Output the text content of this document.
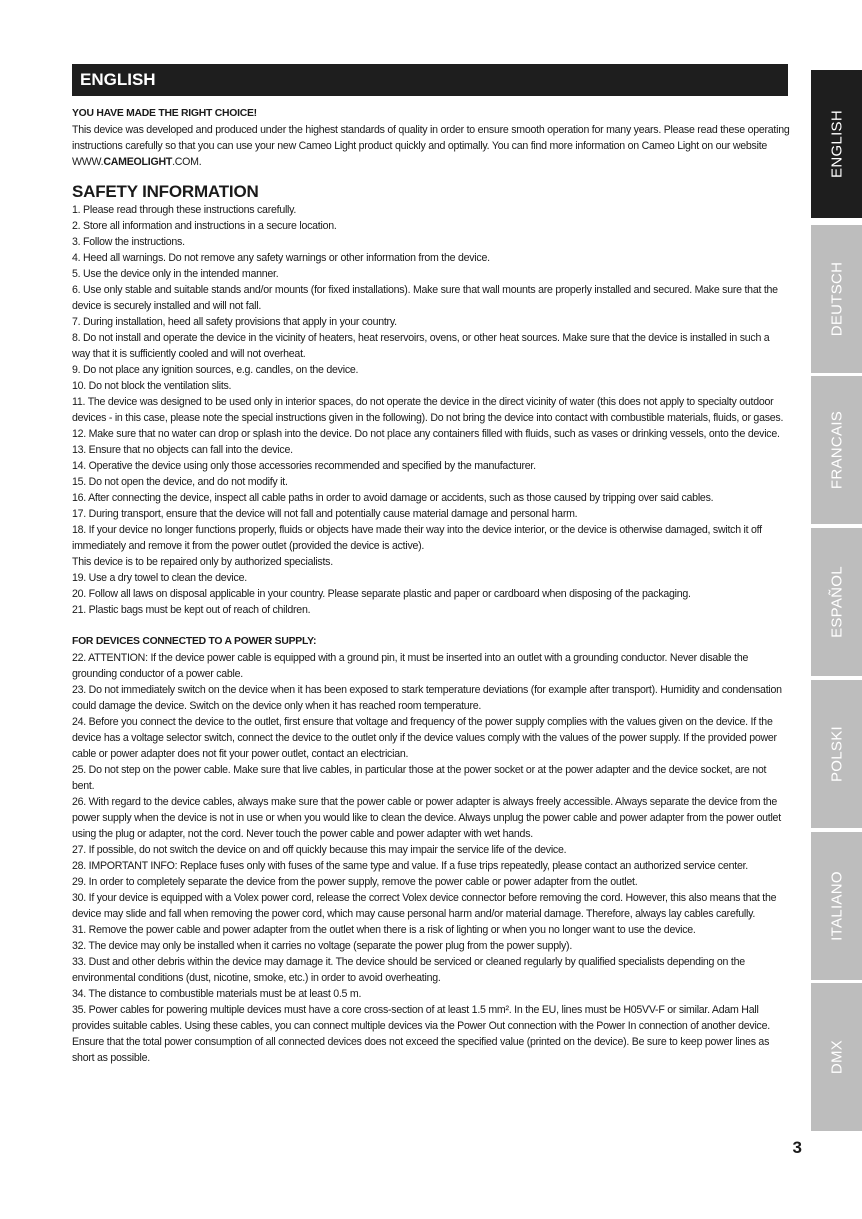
ENGLISH

YOU HAVE MADE THE RIGHT CHOICE!

This device was developed and produced under the highest standards of quality in order to ensure smooth operation for many years. Please read these operating instructions carefully so that you can use your new Cameo Light product quickly and optimally. You can find more information on Cameo Light on our website WWW.CAMEOLIGHT.COM.

SAFETY INFORMATION

1. Please read through these instructions carefully.

2. Store all information and instructions in a secure location.

3. Follow the instructions.

4. Heed all warnings. Do not remove any safety warnings or other information from the device.

5. Use the device only in the intended manner.

6. Use only stable and suitable stands and/or mounts (for fixed installations). Make sure that wall mounts are properly installed and secured. Make sure that the device is securely installed and will not fall.

7. During installation, heed all safety provisions that apply in your country.

8. Do not install and operate the device in the vicinity of heaters, heat reservoirs, ovens, or other heat sources. Make sure that the device is installed in such a way that it is sufficiently cooled and will not overheat.

9. Do not place any ignition sources, e.g. candles, on the device.

10. Do not block the ventilation slits.

11. The device was designed to be used only in interior spaces, do not operate the device in the direct vicinity of water (this does not apply to specialty outdoor devices - in this case, please note the special instructions given in the following). Do not bring the device into contact with combustible materials, fluids, or gases.

12. Make sure that no water can drop or splash into the device. Do not place any containers filled with fluids, such as vases or drinking vessels, onto the device.

13. Ensure that no objects can fall into the device.

14. Operative the device using only those accessories recommended and specified by the manufacturer.

15. Do not open the device, and do not modify it.

16. After connecting the device, inspect all cable paths in order to avoid damage or accidents, such as those caused by tripping over said cables.

17. During transport, ensure that the device will not fall and potentially cause material damage and personal harm.

18. If your device no longer functions properly, fluids or objects have made their way into the device interior, or the device is otherwise damaged, switch it off immediately and remove it from the power outlet (provided the device is active).

This device is to be repaired only by authorized specialists.

19. Use a dry towel to clean the device.

20. Follow all laws on disposal applicable in your country. Please separate plastic and paper or cardboard when disposing of the packaging.

21. Plastic bags must be kept out of reach of children.

FOR DEVICES CONNECTED TO A POWER SUPPLY:

22. ATTENTION: If the device power cable is equipped with a ground pin, it must be inserted into an outlet with a grounding conductor. Never disable the grounding conductor of a power cable.

23. Do not immediately switch on the device when it has been exposed to stark temperature deviations (for example after transport). Humidity and condensation could damage the device. Switch on the device only when it has reached room temperature.

24. Before you connect the device to the outlet, first ensure that voltage and frequency of the power supply complies with the values given on the device. If the device has a voltage selector switch, connect the device to the outlet only if the device values comply with the values of the power supply. If the provided power cable or power adapter does not fit your power outlet, contact an electrician.

25. Do not step on the power cable. Make sure that live cables, in particular those at the power socket or at the power adapter and the device socket, are not bent.

26. With regard to the device cables, always make sure that the power cable or power adapter is always freely accessible. Always separate the device from the power supply when the device is not in use or when you would like to clean the device. Always unplug the power cable and power adapter from the power outlet using the plug or adapter, not the cord. Never touch the power cable and power adapter with wet hands.

27. If possible, do not switch the device on and off quickly because this may impair the service life of the device.

28. IMPORTANT INFO: Replace fuses only with fuses of the same type and value. If a fuse trips repeatedly, please contact an authorized service center.

29. In order to completely separate the device from the power supply, remove the power cable or power adapter from the outlet.

30. If your device is equipped with a Volex power cord, release the correct Volex device connector before removing the cord. However, this also means that the device may slide and fall when removing the power cord, which may cause personal harm and/or material damage. Therefore, always lay cables carefully.

31. Remove the power cable and power adapter from the outlet when there is a risk of lighting or when you no longer want to use the device.

32. The device may only be installed when it carries no voltage (separate the power plug from the power supply).

33. Dust and other debris within the device may damage it. The device should be serviced or cleaned regularly by qualified specialists depending on the environmental conditions (dust, nicotine, smoke, etc.) in order to avoid overheating.

34. The distance to combustible materials must be at least 0.5 m.

35. Power cables for powering multiple devices must have a core cross-section of at least 1.5 mm². In the EU, lines must be H05VV-F or similar. Adam Hall provides suitable cables. Using these cables, you can connect multiple devices via the Power Out connection with the Power In connection of another device. Ensure that the total power consumption of all connected devices does not exceed the specified value (printed on the device). Be sure to keep power lines as short as possible.

ENGLISH
DEUTSCH
FRANCAIS
ESPAÑOL
POLSKI
ITALIANO
DMX
3
